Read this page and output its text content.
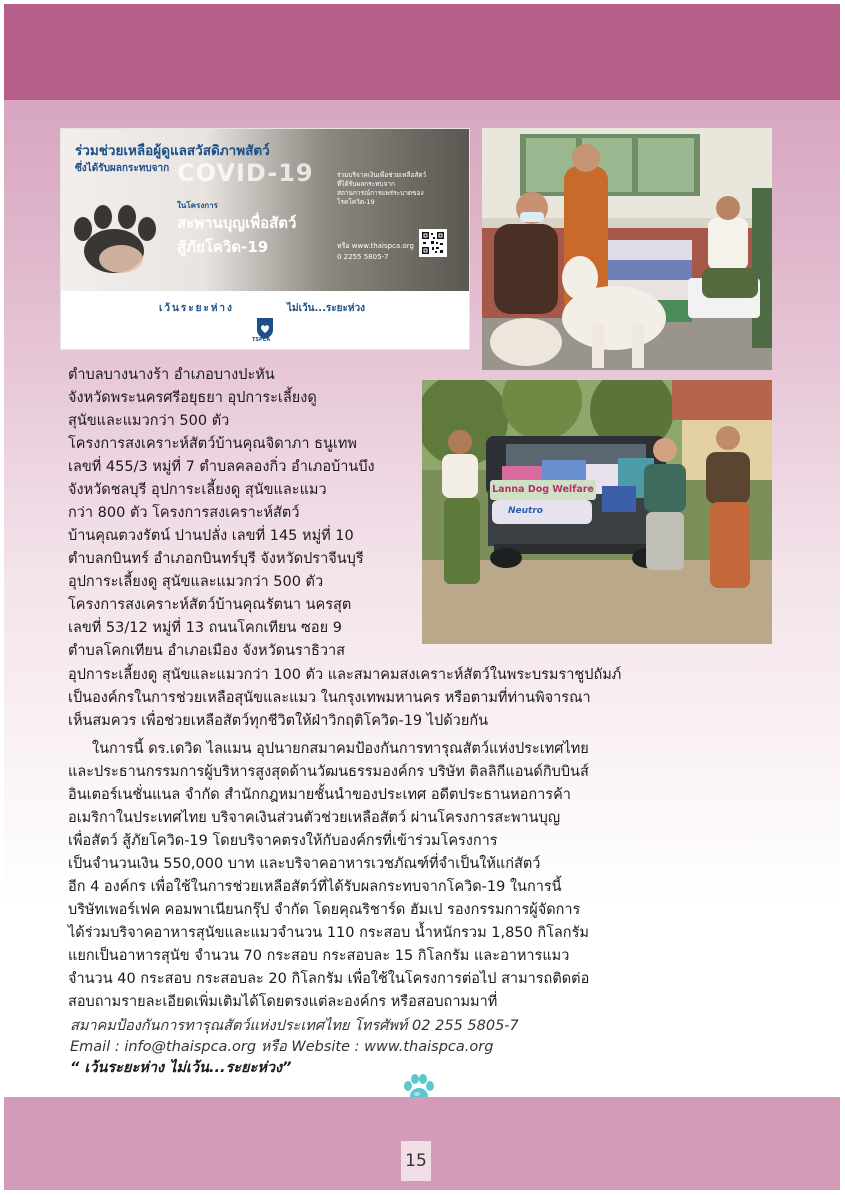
ร่วมช่วยเหลือผู้ดูแลสวัสดิภาพสัตว์
ซึ่งได้รับผลกระทบจาก COVID-19
ในโครงการ
สะพานบุญเพื่อสัตว์
สู้ภัยโควิด-19
ร่วมบริจาคเงินเพื่อช่วยเหลือสัตว์ที่ได้รับผลกระทบจากสถานการณ์การแพร่ระบาดของโรคโควิด-19
หรือ www.thaispca.org
0 2255 5805-7
เว้นระยะห่าง	ไม่เว้น...ระยะห่วง
TSPCA
Lanna Dog Welfare
Neutro
ตำบลบางนางร้า อำเภอบางปะหัน
จังหวัดพระนครศรีอยุธยา อุปการะเลี้ยงดู
สุนัขและแมวกว่า 500 ตัว
โครงการสงเคราะห์สัตว์บ้านคุณจิดาภา ธนูเทพ
เลขที่ 455/3 หมู่ที่ 7 ตำบลคลองกิ่ว อำเภอบ้านบึง
จังหวัดชลบุรี อุปการะเลี้ยงดู สุนัขและแมว
กว่า 800 ตัว โครงการสงเคราะห์สัตว์
บ้านคุณตวงรัตน์ ปานปลั่ง เลขที่ 145 หมู่ที่ 10
ตำบลกบินทร์ อำเภอกบินทร์บุรี จังหวัดปราจีนบุรี
อุปการะเลี้ยงดู สุนัขและแมวกว่า 500 ตัว
โครงการสงเคราะห์สัตว์บ้านคุณรัตนา นครสุต
เลขที่ 53/12 หมู่ที่ 13 ถนนโคกเทียน ซอย 9
ตำบลโคกเทียน อำเภอเมือง จังหวัดนราธิวาส
อุปการะเลี้ยงดู สุนัขและแมวกว่า 100 ตัว และสมาคมสงเคราะห์สัตว์ในพระบรมราชูปถัมภ์
เป็นองค์กรในการช่วยเหลือสุนัขและแมว ในกรุงเทพมหานคร หรือตามที่ท่านพิจารณา
เห็นสมควร เพื่อช่วยเหลือสัตว์ทุกชีวิตให้ฝ่าวิกฤติโควิด-19 ไปด้วยกัน
ในการนี้ ดร.เดวิด ไลแมน อุปนายกสมาคมป้องกันการทารุณสัตว์แห่งประเทศไทย
และประธานกรรมการผู้บริหารสูงสุดด้านวัฒนธรรมองค์กร บริษัท ติลลิกีแอนด์กิบบินส์
อินเตอร์เนชั่นแนล จำกัด สำนักกฎหมายชั้นนำของประเทศ อดีตประธานหอการค้า
อเมริกาในประเทศไทย บริจาคเงินส่วนตัวช่วยเหลือสัตว์ ผ่านโครงการสะพานบุญ
เพื่อสัตว์ สู้ภัยโควิด-19 โดยบริจาคตรงให้กับองค์กรที่เข้าร่วมโครงการ
เป็นจำนวนเงิน 550,000 บาท และบริจาคอาหารเวชภัณฑ์ที่จำเป็นให้แก่สัตว์
อีก 4 องค์กร เพื่อใช้ในการช่วยเหลือสัตว์ที่ได้รับผลกระทบจากโควิด-19 ในการนี้
บริษัทเพอร์เฟค คอมพาเนียนกรุ๊ป จำกัด โดยคุณริชาร์ด ฮัมเป รองกรรมการผู้จัดการ
ได้ร่วมบริจาคอาหารสุนัขและแมวจำนวน 110 กระสอบ น้ำหนักรวม 1,850 กิโลกรัม
แยกเป็นอาหารสุนัข จำนวน 70 กระสอบ กระสอบละ 15 กิโลกรัม และอาหารแมว
จำนวน 40 กระสอบ กระสอบละ 20 กิโลกรัม เพื่อใช้ในโครงการต่อไป สามารถติดต่อ
สอบถามรายละเอียดเพิ่มเติมได้โดยตรงแต่ละองค์กร หรือสอบถามมาที่
สมาคมป้องกันการทารุณสัตว์แห่งประเทศไทย โทรศัพท์ 02 255 5805-7
Email : info@thaispca.org หรือ Website : www.thaispca.org
“ เว้นระยะห่าง ไม่เว้น...ระยะห่วง”
15
